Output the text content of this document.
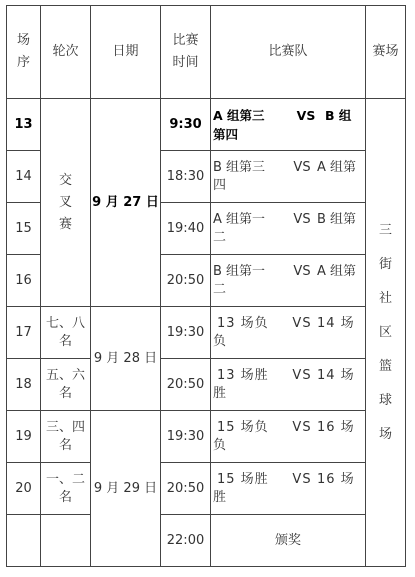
场序	轮次	日期	比赛时间	比赛队	赛场
13	交叉赛	9 月 27 日	9:30	A 组第三 VS B 组第四	三街社区篮球场
14			18:30	B 组第三 VS A 组第四	
15			19:40	A 组第一 VS B 组第二	
16			20:50	B 组第一 VS A 组第二	
17	七、八名	9 月 28 日	19:30	13 场负 VS 14 场负	
18	五、六名		20:50	13 场胜 VS 14 场胜	
19	三、四名	9 月 29 日	19:30	15 场负 VS 16 场负	
20	一、二名		20:50	15 场胜 VS 16 场胜	
			22:00	颁奖	
